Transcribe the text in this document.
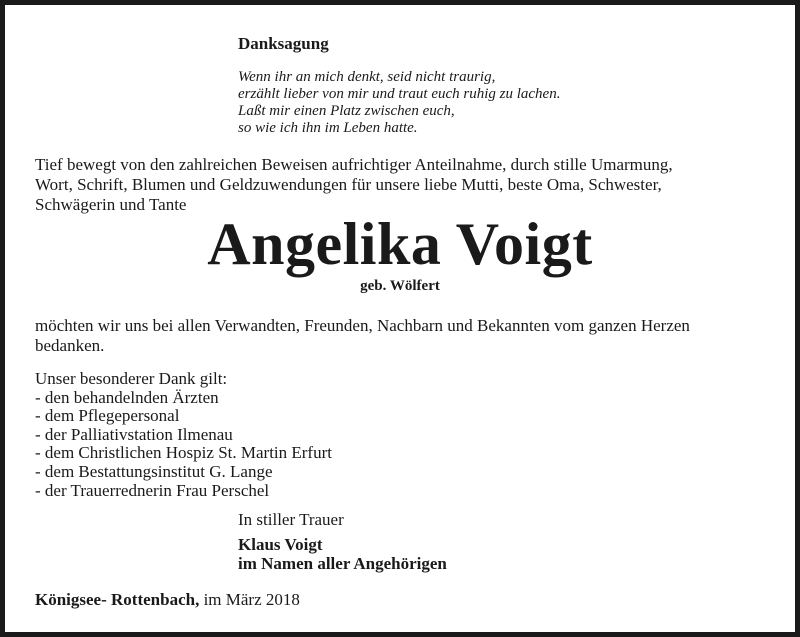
Danksagung
Wenn ihr an mich denkt, seid nicht traurig,
erzählt lieber von mir und traut euch ruhig zu lachen.
Laßt mir einen Platz zwischen euch,
so wie ich ihn im Leben hatte.
Tief bewegt von den zahlreichen Beweisen aufrichtiger Anteilnahme, durch stille Umarmung,
Wort, Schrift, Blumen und Geldzuwendungen für unsere liebe Mutti, beste Oma, Schwester,
Schwägerin und Tante
Angelika Voigt
geb. Wölfert
möchten wir uns bei allen Verwandten, Freunden, Nachbarn und Bekannten vom ganzen Herzen
bedanken.
Unser besonderer Dank gilt:
- den behandelnden Ärzten
- dem Pflegepersonal
- der Palliativstation Ilmenau
- dem Christlichen Hospiz St. Martin Erfurt
- dem Bestattungsinstitut G. Lange
- der Trauerrednerin Frau Perschel
In stiller Trauer
Klaus Voigt
im Namen aller Angehörigen
Königsee- Rottenbach, im März 2018
